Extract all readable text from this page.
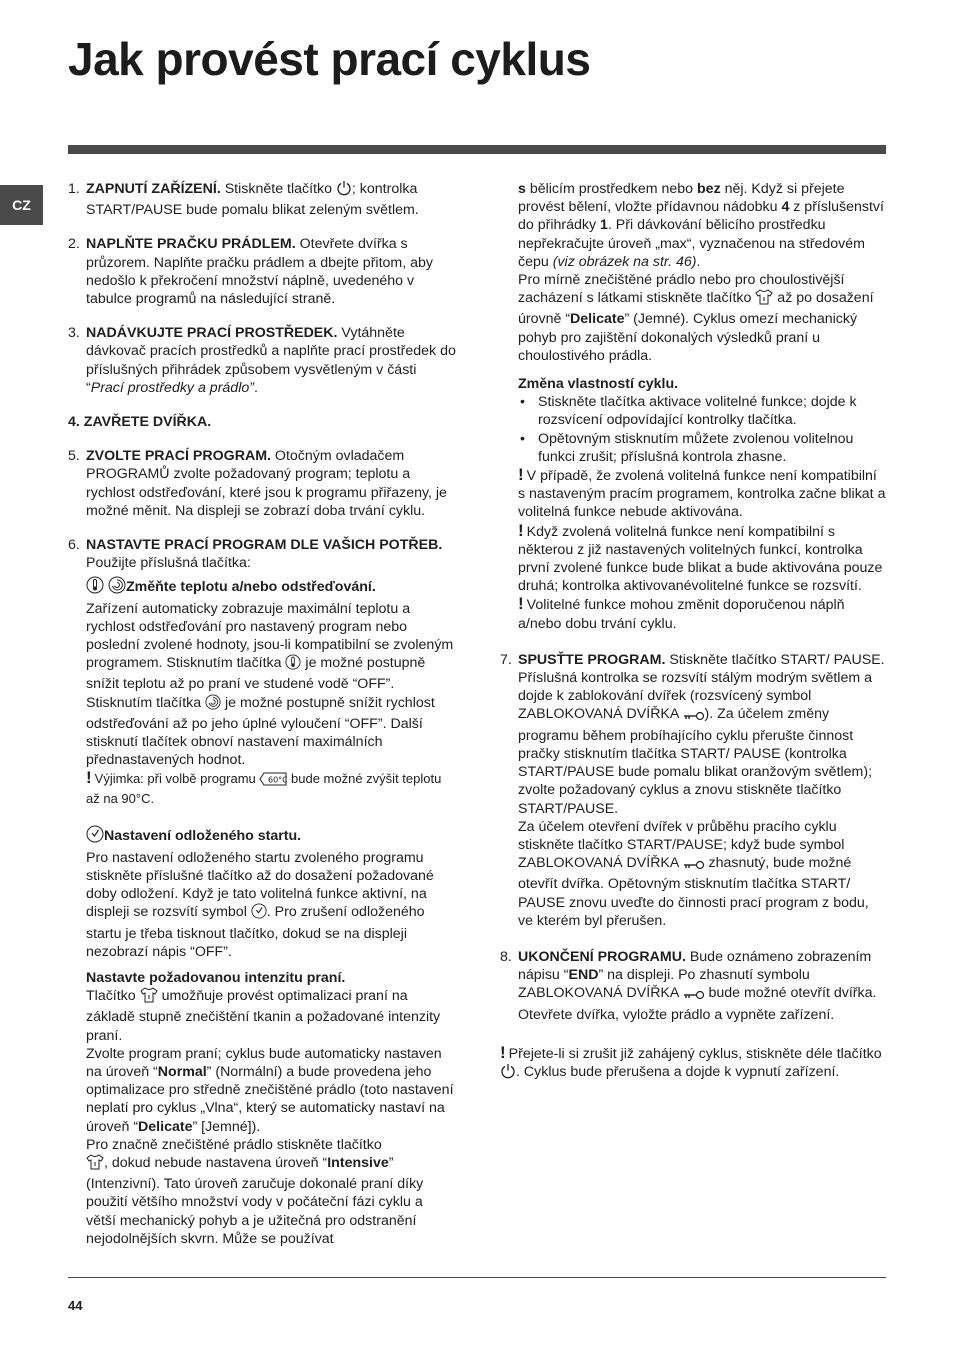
Jak provést prací cyklus
CZ
1. ZAPNUTÍ ZAŘÍZENÍ. Stiskněte tlačítko ; kontrolka START/PAUSE bude pomalu blikat zeleným světlem.
2. NAPLŇTE PRAČKU PRÁDLEM. Otevřete dvířka s průzorem. Naplňte pračku prádlem a dbejte přitom, aby nedošlo k překročení množství náplně, uvedeného v tabulce programů na následující straně.
3. NADÁVKUJTE PRACÍ PROSTŘEDEK. Vytáhněte dávkovač pracích prostředků a naplňte prací prostředek do příslušných přihrádek způsobem vysvětleným v části “Prací prostředky a prádlo”.
4. ZAVŘETE DVÍŘKA.
5. ZVOLTE PRACÍ PROGRAM. Otočným ovladačem PROGRAMŮ zvolte požadovaný program; teplotu a rychlost odstřeďování, které jsou k programu přiřazeny, je možné měnit. Na displeji se zobrazí doba trvání cyklu.
6. NASTAVTE PRACÍ PROGRAM DLE VAŠICH POTŘEB. Použijte příslušná tlačítka:
Změňte teplotu a/nebo odstřeďování.
Zařízení automaticky zobrazuje maximální teplotu a rychlost odstřeďování pro nastavený program nebo poslední zvolené hodnoty, jsou-li kompatibilní se zvoleným programem. Stisknutím tlačítka  je možné postupně snížit teplotu až po praní ve studené vodě “OFF”. Stisknutím tlačítka  je možné postupně snížit rychlost odstřeďování až po jeho úplné vyloučení “OFF”. Další stisknutí tlačítek obnoví nastavení maximálních přednastavených hodnot.
! Výjimka: při volbě programu 60°C bude možné zvýšit teplotu až na 90°C.
Nastavení odloženého startu.
Pro nastavení odloženého startu zvoleného programu stiskněte příslušné tlačítko až do dosažení požadované doby odložení. Když je tato volitelná funkce aktivní, na displeji se rozsvítí symbol . Pro zrušení odloženého startu je třeba tisknout tlačítko, dokud se na displeji nezobrazí nápis “OFF”.
Nastavte požadovanou intenzitu praní.
Tlačítko  umožňuje provést optimalizaci praní na základě stupně znečištění tkanin a požadované intenzity praní.
Zvolte program praní; cyklus bude automaticky nastaven na úroveň “Normal” (Normální) a bude provedena jeho optimalizace pro středně znečištěné prádlo (toto nastavení neplatí pro cyklus „Vlna“, který se automaticky nastaví na úroveň “Delicate” [Jemné]).
Pro značně znečištěné prádlo stiskněte tlačítko
, dokud nebude nastavena úroveň “Intensive” (Intenzivní). Tato úroveň zaručuje dokonalé praní díky použití většího množství vody v počáteční fázi cyklu a větší mechanický pohyb a je užitečná pro odstranění nejodolnějších skvrn. Může se používat
s bělicím prostředkem nebo bez něj. Když si přejete provést bělení, vložte přídavnou nádobku 4 z příslušenství do přihrádky 1. Při dávkování bělicího prostředku nepřekračujte úroveň „max“, vyznačenou na středovém čepu (viz obrázek na str. 46).
Pro mírně znečištěné prádlo nebo pro choulostivější zacházení s látkami stiskněte tlačítko  až po dosažení úrovně “Delicate” (Jemné). Cyklus omezí mechanický pohyb pro zajištění dokonalých výsledků praní u choulostivého prádla.
Změna vlastností cyklu.
• Stiskněte tlačítka aktivace volitelné funkce; dojde k rozsvícení odpovídající kontrolky tlačítka.
• Opětovným stisknutím můžete zvolenou volitelnou funkci zrušit; příslušná kontrola zhasne.
! V případě, že zvolená volitelná funkce není kompatibilní s nastaveným pracím programem, kontrolka začne blikat a volitelná funkce nebude aktivována.
! Když zvolená volitelná funkce není kompatibilní s některou z již nastavených volitelných funkcí, kontrolka první zvolené funkce bude blikat a bude aktivována pouze druhá; kontrolka aktivovanévolitelné funkce se rozsvítí.
! Volitelné funkce mohou změnit doporučenou náplň a/nebo dobu trvání cyklu.
7. SPUSŤTE PROGRAM. Stiskněte tlačítko START/ PAUSE. Příslušná kontrolka se rozsvítí stálým modrým světlem a dojde k zablokování dvířek (rozsvícený symbol ZABLOKOVANÁ DVÍŘKA ). Za účelem změny programu během probíhajícího cyklu přerušte činnost pračky stisknutím tlačítka START/ PAUSE (kontrolka START/PAUSE bude pomalu blikat oranžovým světlem); zvolte požadovaný cyklus a znovu stiskněte tlačítko START/PAUSE.
Za účelem otevření dvířek v průběhu pracího cyklu stiskněte tlačítko START/PAUSE; když bude symbol ZABLOKOVANÁ DVÍŘKA  zhasnutý, bude možné otevřít dvířka. Opětovným stisknutím tlačítka START/ PAUSE znovu uveďte do činnosti prací program z bodu, ve kterém byl přerušen.
8. UKONČENÍ PROGRAMU. Bude oznámeno zobrazením nápisu “END” na displeji. Po zhasnutí symbolu ZABLOKOVANÁ DVÍŘKA  bude možné otevřít dvířka. Otevřete dvířka, vyložte prádlo a vypněte zařízení.
! Přejete-li si zrušit již zahájený cyklus, stiskněte déle tlačítko . Cyklus bude přerušena a dojde k vypnutí zařízení.
44
